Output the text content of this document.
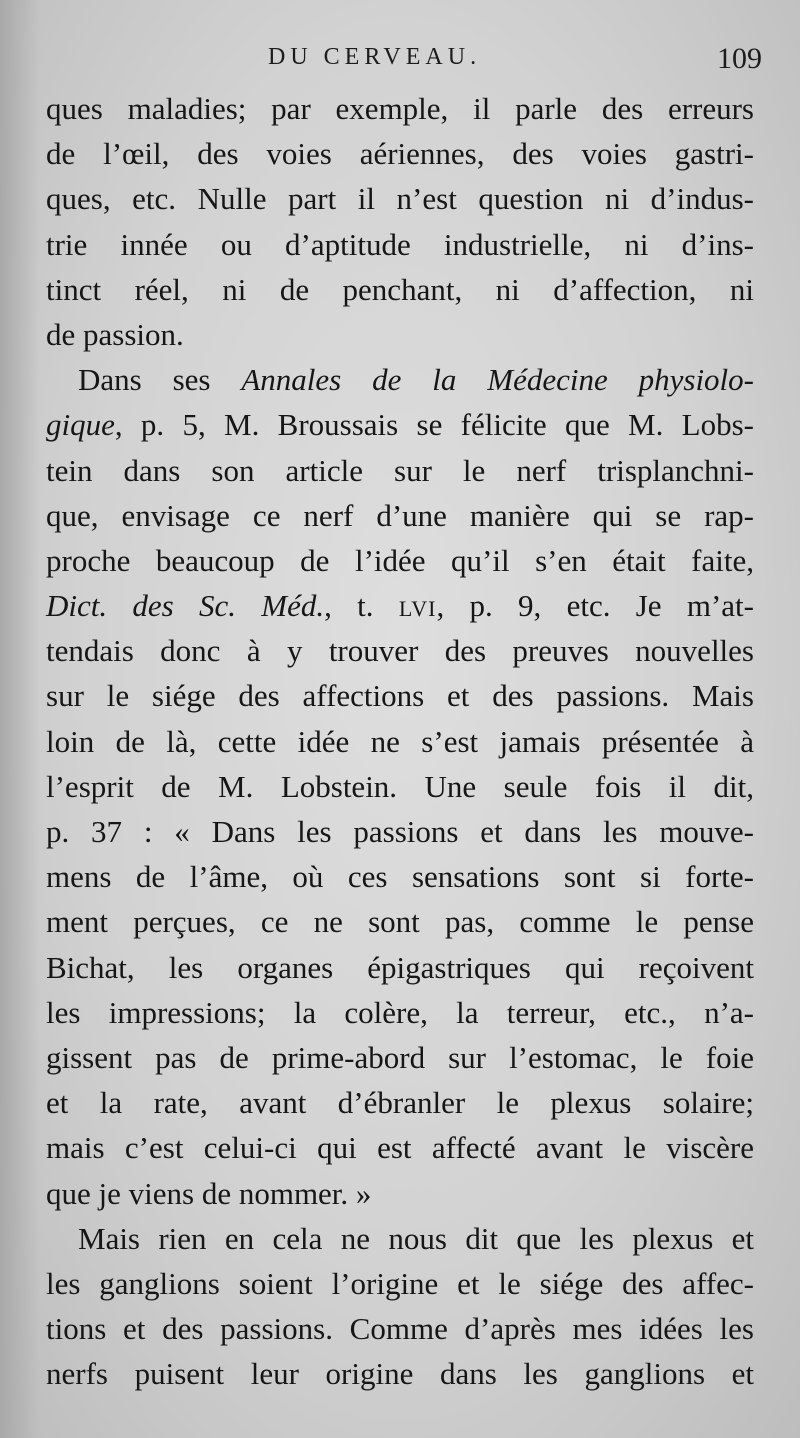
DU CERVEAU.	109
ques maladies; par exemple, il parle des erreurs
de l’œil, des voies aériennes, des voies gastri-
ques, etc. Nulle part il n’est question ni d’indus-
trie innée ou d’aptitude industrielle, ni d’ins-
tinct réel, ni de penchant, ni d’affection, ni
de passion.
Dans ses Annales de la Médecine physiolo-
gique, p. 5, M. Broussais se félicite que M. Lobs-
tein dans son article sur le nerf trisplanchni-
que, envisage ce nerf d’une manière qui se rap-
proche beaucoup de l’idée qu’il s’en était faite,
Dict. des Sc. Méd., t. LVI, p. 9, etc. Je m’at-
tendais donc à y trouver des preuves nouvelles
sur le siége des affections et des passions. Mais
loin de là, cette idée ne s’est jamais présentée à
l’esprit de M. Lobstein. Une seule fois il dit,
p. 37 : « Dans les passions et dans les mouve-
mens de l’âme, où ces sensations sont si forte-
ment perçues, ce ne sont pas, comme le pense
Bichat, les organes épigastriques qui reçoivent
les impressions; la colère, la terreur, etc., n’a-
gissent pas de prime-abord sur l’estomac, le foie
et la rate, avant d’ébranler le plexus solaire;
mais c’est celui-ci qui est affecté avant le viscère
que je viens de nommer. »
Mais rien en cela ne nous dit que les plexus et
les ganglions soient l’origine et le siége des affec-
tions et des passions. Comme d’après mes idées les
nerfs puisent leur origine dans les ganglions et
